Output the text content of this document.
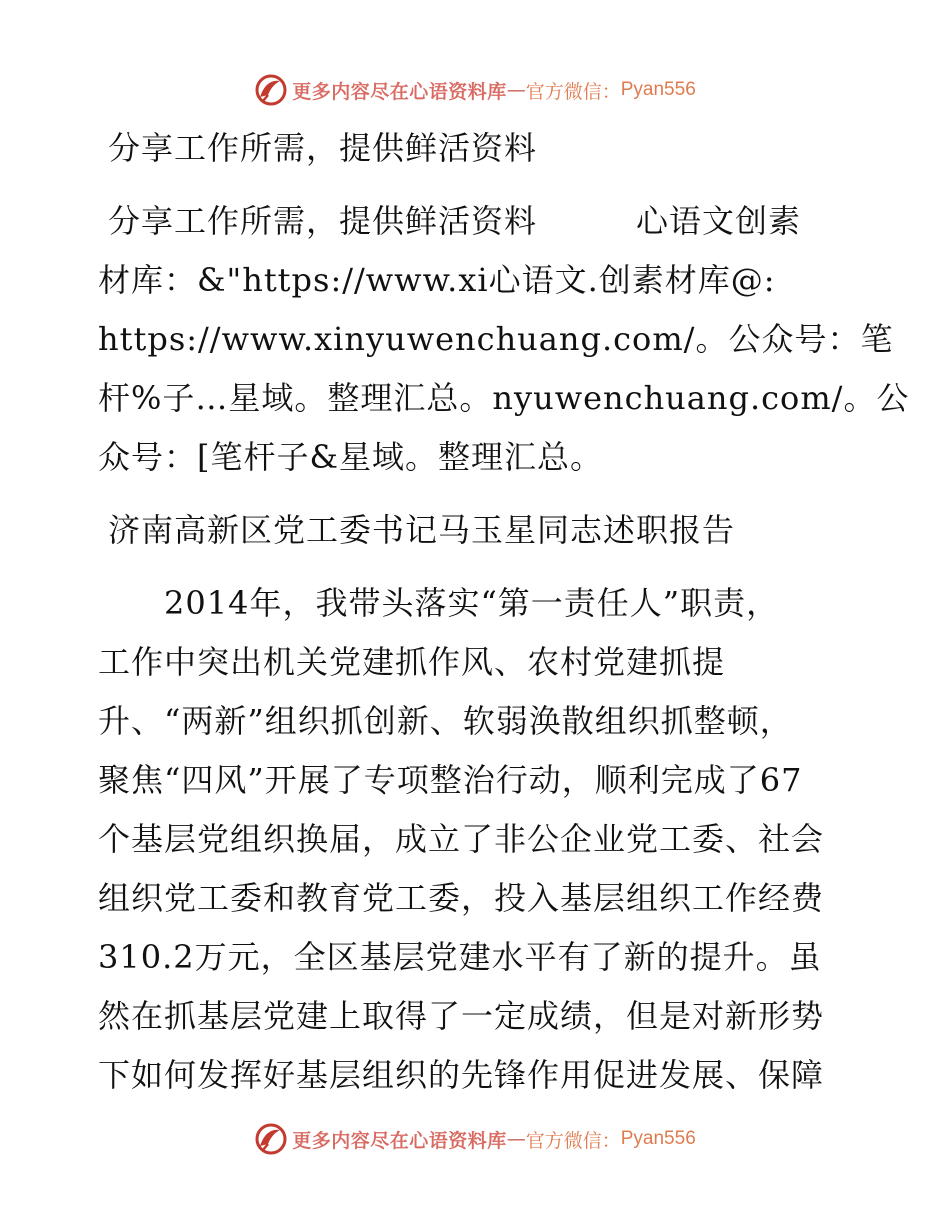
更多内容尽在心语资料库 — 官方微信： Pyan556
分享工作所需，提供鲜活资料
分享工作所需，提供鲜活资料　　　心语文创素
材库：&"https://www.xi心语文.创素材库@:
https://www.xinyuwenchuang.com/。公众号：笔
杆%子…星域。整理汇总。nyuwenchuang.com/。公
众号：[笔杆子&星域。整理汇总。
济南高新区党工委书记马玉星同志述职报告
　　2014年，我带头落实“第一责任人”职责，
工作中突出机关党建抓作风、农村党建抓提
升、“两新”组织抓创新、软弱涣散组织抓整顿，
聚焦“四风”开展了专项整治行动，顺利完成了67
个基层党组织换届，成立了非公企业党工委、社会
组织党工委和教育党工委，投入基层组织工作经费
310.2万元，全区基层党建水平有了新的提升。虽
然在抓基层党建上取得了一定成绩，但是对新形势
下如何发挥好基层组织的先锋作用促进发展、保障
更多内容尽在心语资料库 — 官方微信： Pyan556
